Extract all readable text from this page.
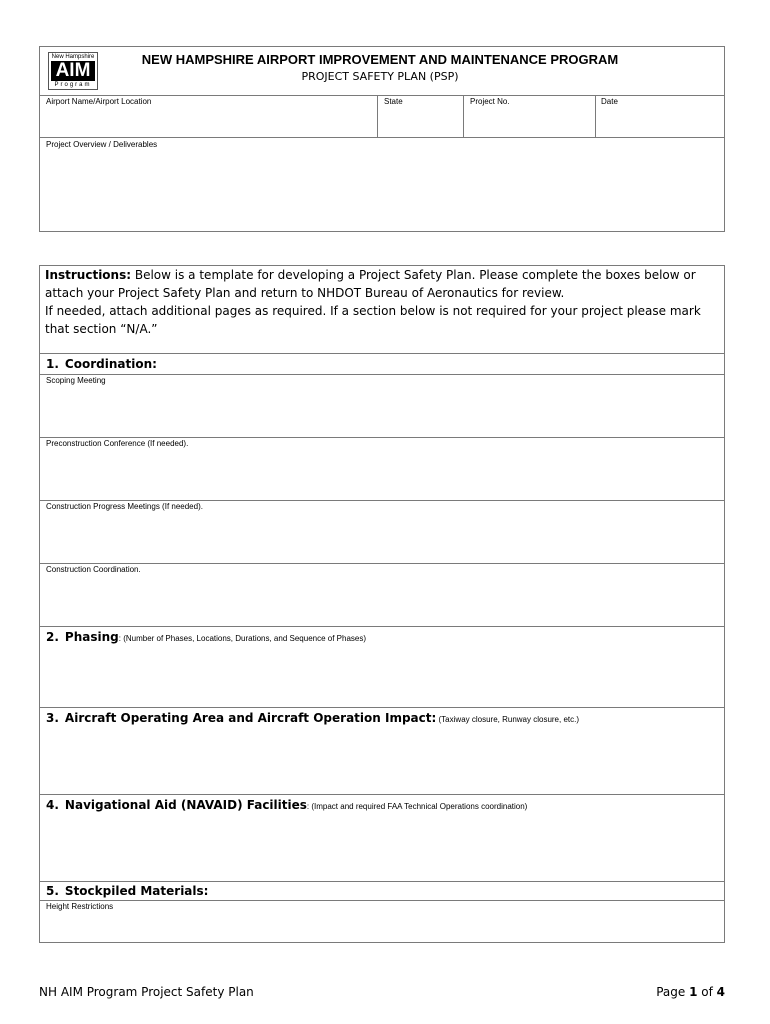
New Hampshire
AIM
Program
NEW HAMPSHIRE AIRPORT IMPROVEMENT AND MAINTENANCE PROGRAM
PROJECT SAFETY PLAN (PSP)
Airport Name/Airport Location	State	Project No.	Date
Project Overview / Deliverables
Instructions: Below is a template for developing a Project Safety Plan. Please complete the boxes below or attach your Project Safety Plan and return to NHDOT Bureau of Aeronautics for review.
If needed, attach additional pages as required. If a section below is not required for your project please mark that section “N/A.”
1. Coordination:
Scoping Meeting
Preconstruction Conference (If needed).
Construction Progress Meetings (If needed).
Construction Coordination.
2. Phasing: (Number of Phases, Locations, Durations, and Sequence of Phases)
3. Aircraft Operating Area and Aircraft Operation Impact: (Taxiway closure, Runway closure, etc.)
4. Navigational Aid (NAVAID) Facilities: (Impact and required FAA Technical Operations coordination)
5. Stockpiled Materials:
Height Restrictions
NH AIM Program Project Safety Plan	Page 1 of 4
